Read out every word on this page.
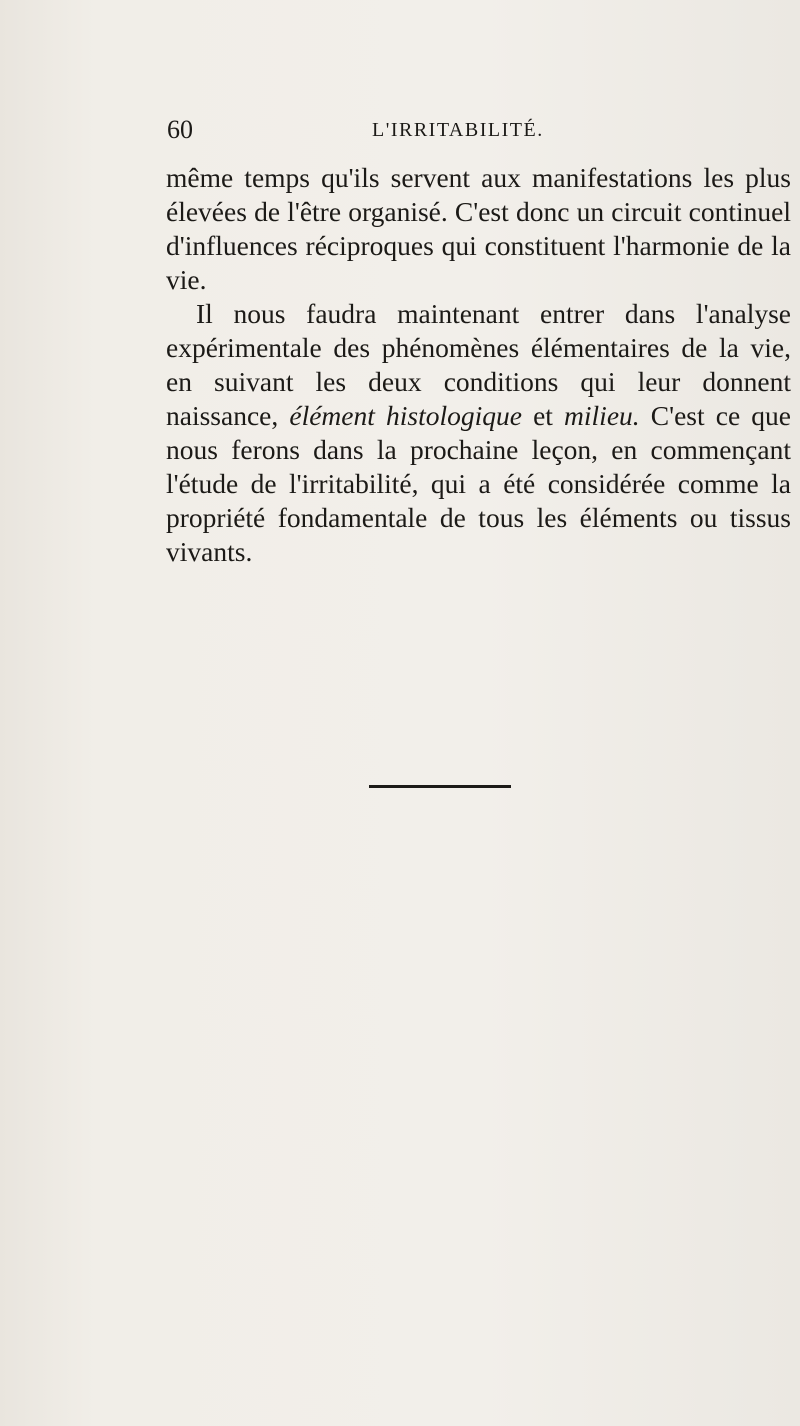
60	L'IRRITABILITÉ.

même temps qu'ils servent aux manifestations les plus élevées de l'être organisé. C'est donc un circuit continuel d'influences réciproques qui constituent l'harmonie de la vie.

Il nous faudra maintenant entrer dans l'analyse expérimentale des phénomènes élémentaires de la vie, en suivant les deux conditions qui leur donnent naissance, élément histologique et milieu. C'est ce que nous ferons dans la prochaine leçon, en commençant l'étude de l'irritabilité, qui a été considérée comme la propriété fondamentale de tous les éléments ou tissus vivants.
